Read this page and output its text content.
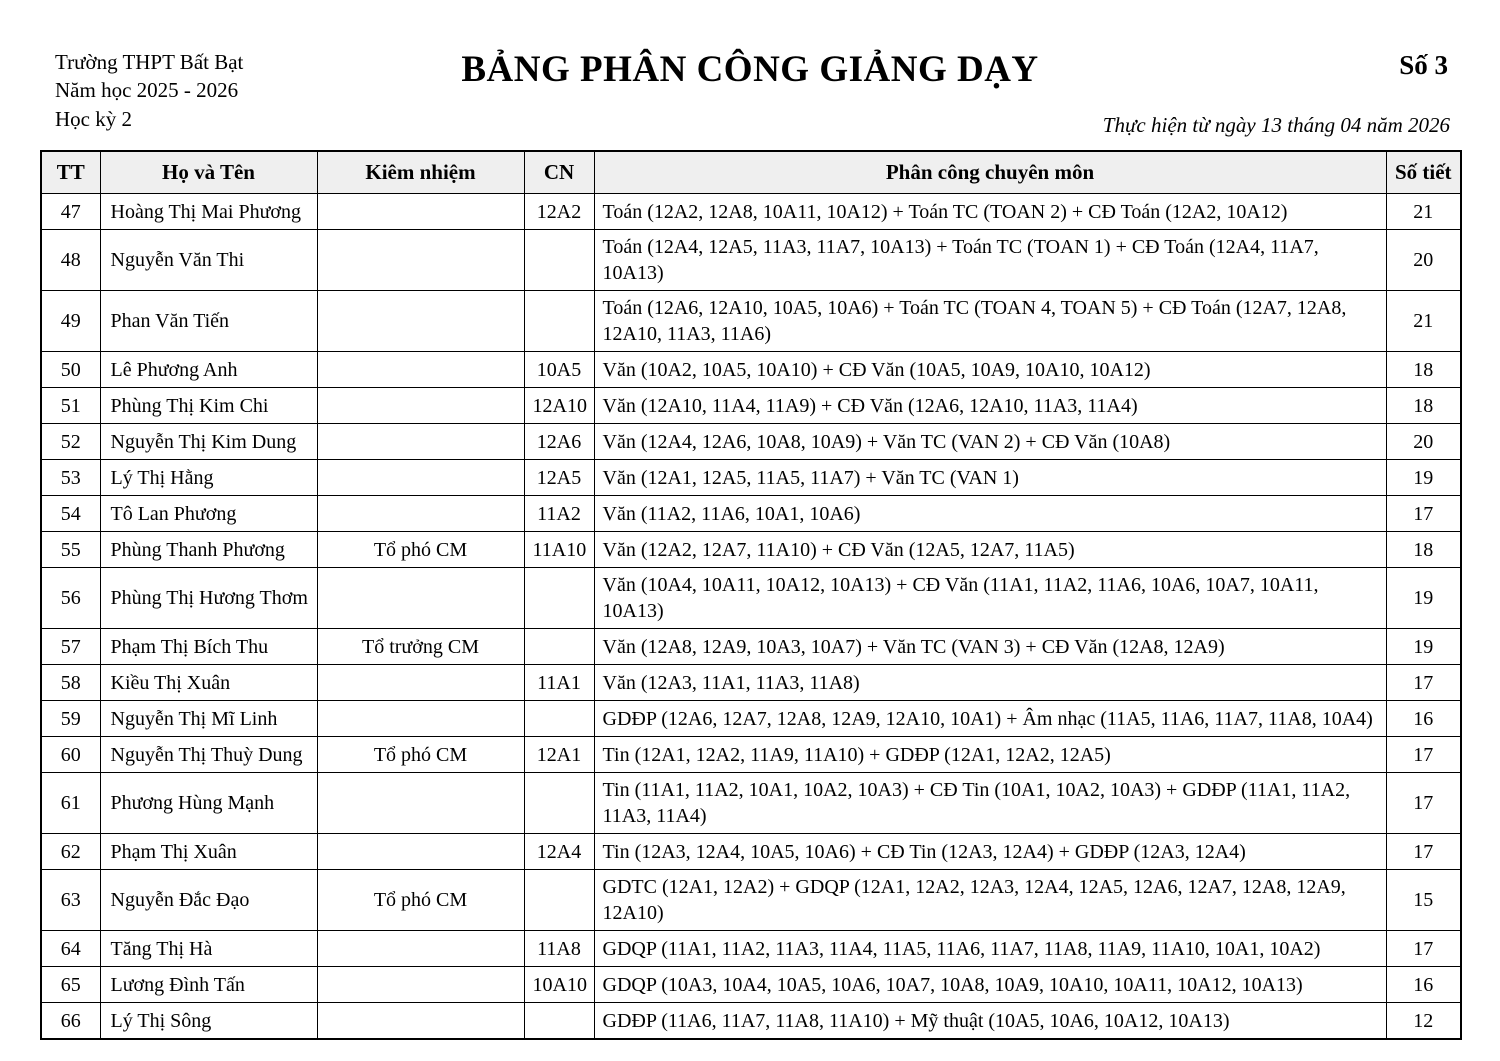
Trường THPT Bất Bạt
Năm học 2025 - 2026
Học kỳ 2
BẢNG PHÂN CÔNG GIẢNG DẠY	Số 3
Thực hiện từ ngày 13 tháng 04 năm 2026
TT	Họ và Tên	Kiêm nhiệm	CN	Phân công chuyên môn	Số tiết
47	Hoàng Thị Mai Phương		12A2	Toán (12A2, 12A8, 10A11, 10A12) + Toán TC (TOAN 2) + CĐ Toán (12A2, 10A12)	21
48	Nguyễn Văn Thi			Toán (12A4, 12A5, 11A3, 11A7, 10A13) + Toán TC (TOAN 1) + CĐ Toán (12A4, 11A7, 10A13)	20
49	Phan Văn Tiến			Toán (12A6, 12A10, 10A5, 10A6) + Toán TC (TOAN 4, TOAN 5) + CĐ Toán (12A7, 12A8, 12A10, 11A3, 11A6)	21
50	Lê Phương Anh		10A5	Văn (10A2, 10A5, 10A10) + CĐ Văn (10A5, 10A9, 10A10, 10A12)	18
51	Phùng Thị Kim Chi		12A10	Văn (12A10, 11A4, 11A9) + CĐ Văn (12A6, 12A10, 11A3, 11A4)	18
52	Nguyễn Thị Kim Dung		12A6	Văn (12A4, 12A6, 10A8, 10A9) + Văn TC (VAN 2) + CĐ Văn (10A8)	20
53	Lý Thị Hằng		12A5	Văn (12A1, 12A5, 11A5, 11A7) + Văn TC (VAN 1)	19
54	Tô Lan Phương		11A2	Văn (11A2, 11A6, 10A1, 10A6)	17
55	Phùng Thanh Phương	Tổ phó CM	11A10	Văn (12A2, 12A7, 11A10) + CĐ Văn (12A5, 12A7, 11A5)	18
56	Phùng Thị Hương Thơm			Văn (10A4, 10A11, 10A12, 10A13) + CĐ Văn (11A1, 11A2, 11A6, 10A6, 10A7, 10A11, 10A13)	19
57	Phạm Thị Bích Thu	Tổ trưởng CM		Văn (12A8, 12A9, 10A3, 10A7) + Văn TC (VAN 3) + CĐ Văn (12A8, 12A9)	19
58	Kiều Thị Xuân		11A1	Văn (12A3, 11A1, 11A3, 11A8)	17
59	Nguyễn Thị Mĩ Linh			GDĐP (12A6, 12A7, 12A8, 12A9, 12A10, 10A1) + Âm nhạc (11A5, 11A6, 11A7, 11A8, 10A4)	16
60	Nguyễn Thị Thuỳ Dung	Tổ phó CM	12A1	Tin (12A1, 12A2, 11A9, 11A10) + GDĐP (12A1, 12A2, 12A5)	17
61	Phương Hùng Mạnh			Tin (11A1, 11A2, 10A1, 10A2, 10A3) + CĐ Tin (10A1, 10A2, 10A3) + GDĐP (11A1, 11A2, 11A3, 11A4)	17
62	Phạm Thị Xuân		12A4	Tin (12A3, 12A4, 10A5, 10A6) + CĐ Tin (12A3, 12A4) + GDĐP (12A3, 12A4)	17
63	Nguyễn Đắc Đạo	Tổ phó CM		GDTC (12A1, 12A2) + GDQP (12A1, 12A2, 12A3, 12A4, 12A5, 12A6, 12A7, 12A8, 12A9, 12A10)	15
64	Tăng Thị Hà		11A8	GDQP (11A1, 11A2, 11A3, 11A4, 11A5, 11A6, 11A7, 11A8, 11A9, 11A10, 10A1, 10A2)	17
65	Lương Đình Tấn		10A10	GDQP (10A3, 10A4, 10A5, 10A6, 10A7, 10A8, 10A9, 10A10, 10A11, 10A12, 10A13)	16
66	Lý Thị Sông			GDĐP (11A6, 11A7, 11A8, 11A10) + Mỹ thuật (10A5, 10A6, 10A12, 10A13)	12
